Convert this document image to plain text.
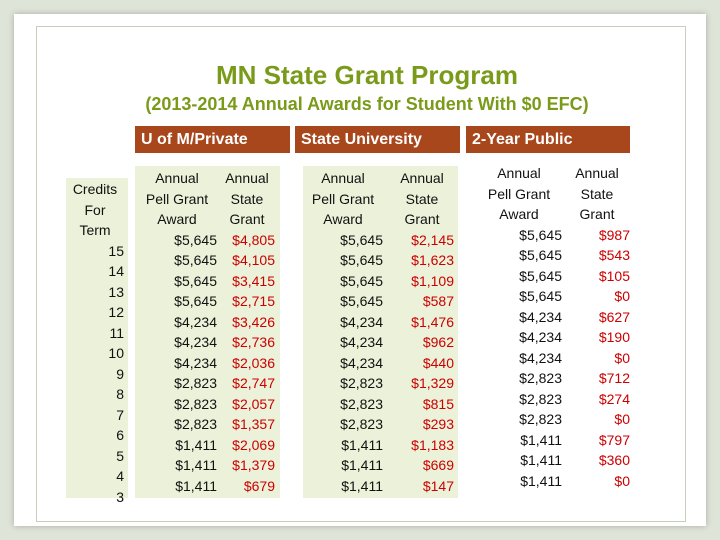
MN State Grant Program
(2013-2014 Annual Awards for Student With $0 EFC)
U of M/Private	State University	2-Year Public
Credits
For
Term
15
14
13
12
11
10
9
8
7
6
5
4
3
Annual
Pell Grant
Award
$5,645
$5,645
$5,645
$5,645
$4,234
$4,234
$4,234
$2,823
$2,823
$2,823
$1,411
$1,411
$1,411
Annual
State
Grant
$4,805
$4,105
$3,415
$2,715
$3,426
$2,736
$2,036
$2,747
$2,057
$1,357
$2,069
$1,379
$679
Annual
Pell Grant
Award
$5,645
$5,645
$5,645
$5,645
$4,234
$4,234
$4,234
$2,823
$2,823
$2,823
$1,411
$1,411
$1,411
Annual
State
Grant
$2,145
$1,623
$1,109
$587
$1,476
$962
$440
$1,329
$815
$293
$1,183
$669
$147
Annual
Pell Grant
Award
$5,645
$5,645
$5,645
$5,645
$4,234
$4,234
$4,234
$2,823
$2,823
$2,823
$1,411
$1,411
$1,411
Annual
State
Grant
$987
$543
$105
$0
$627
$190
$0
$712
$274
$0
$797
$360
$0
